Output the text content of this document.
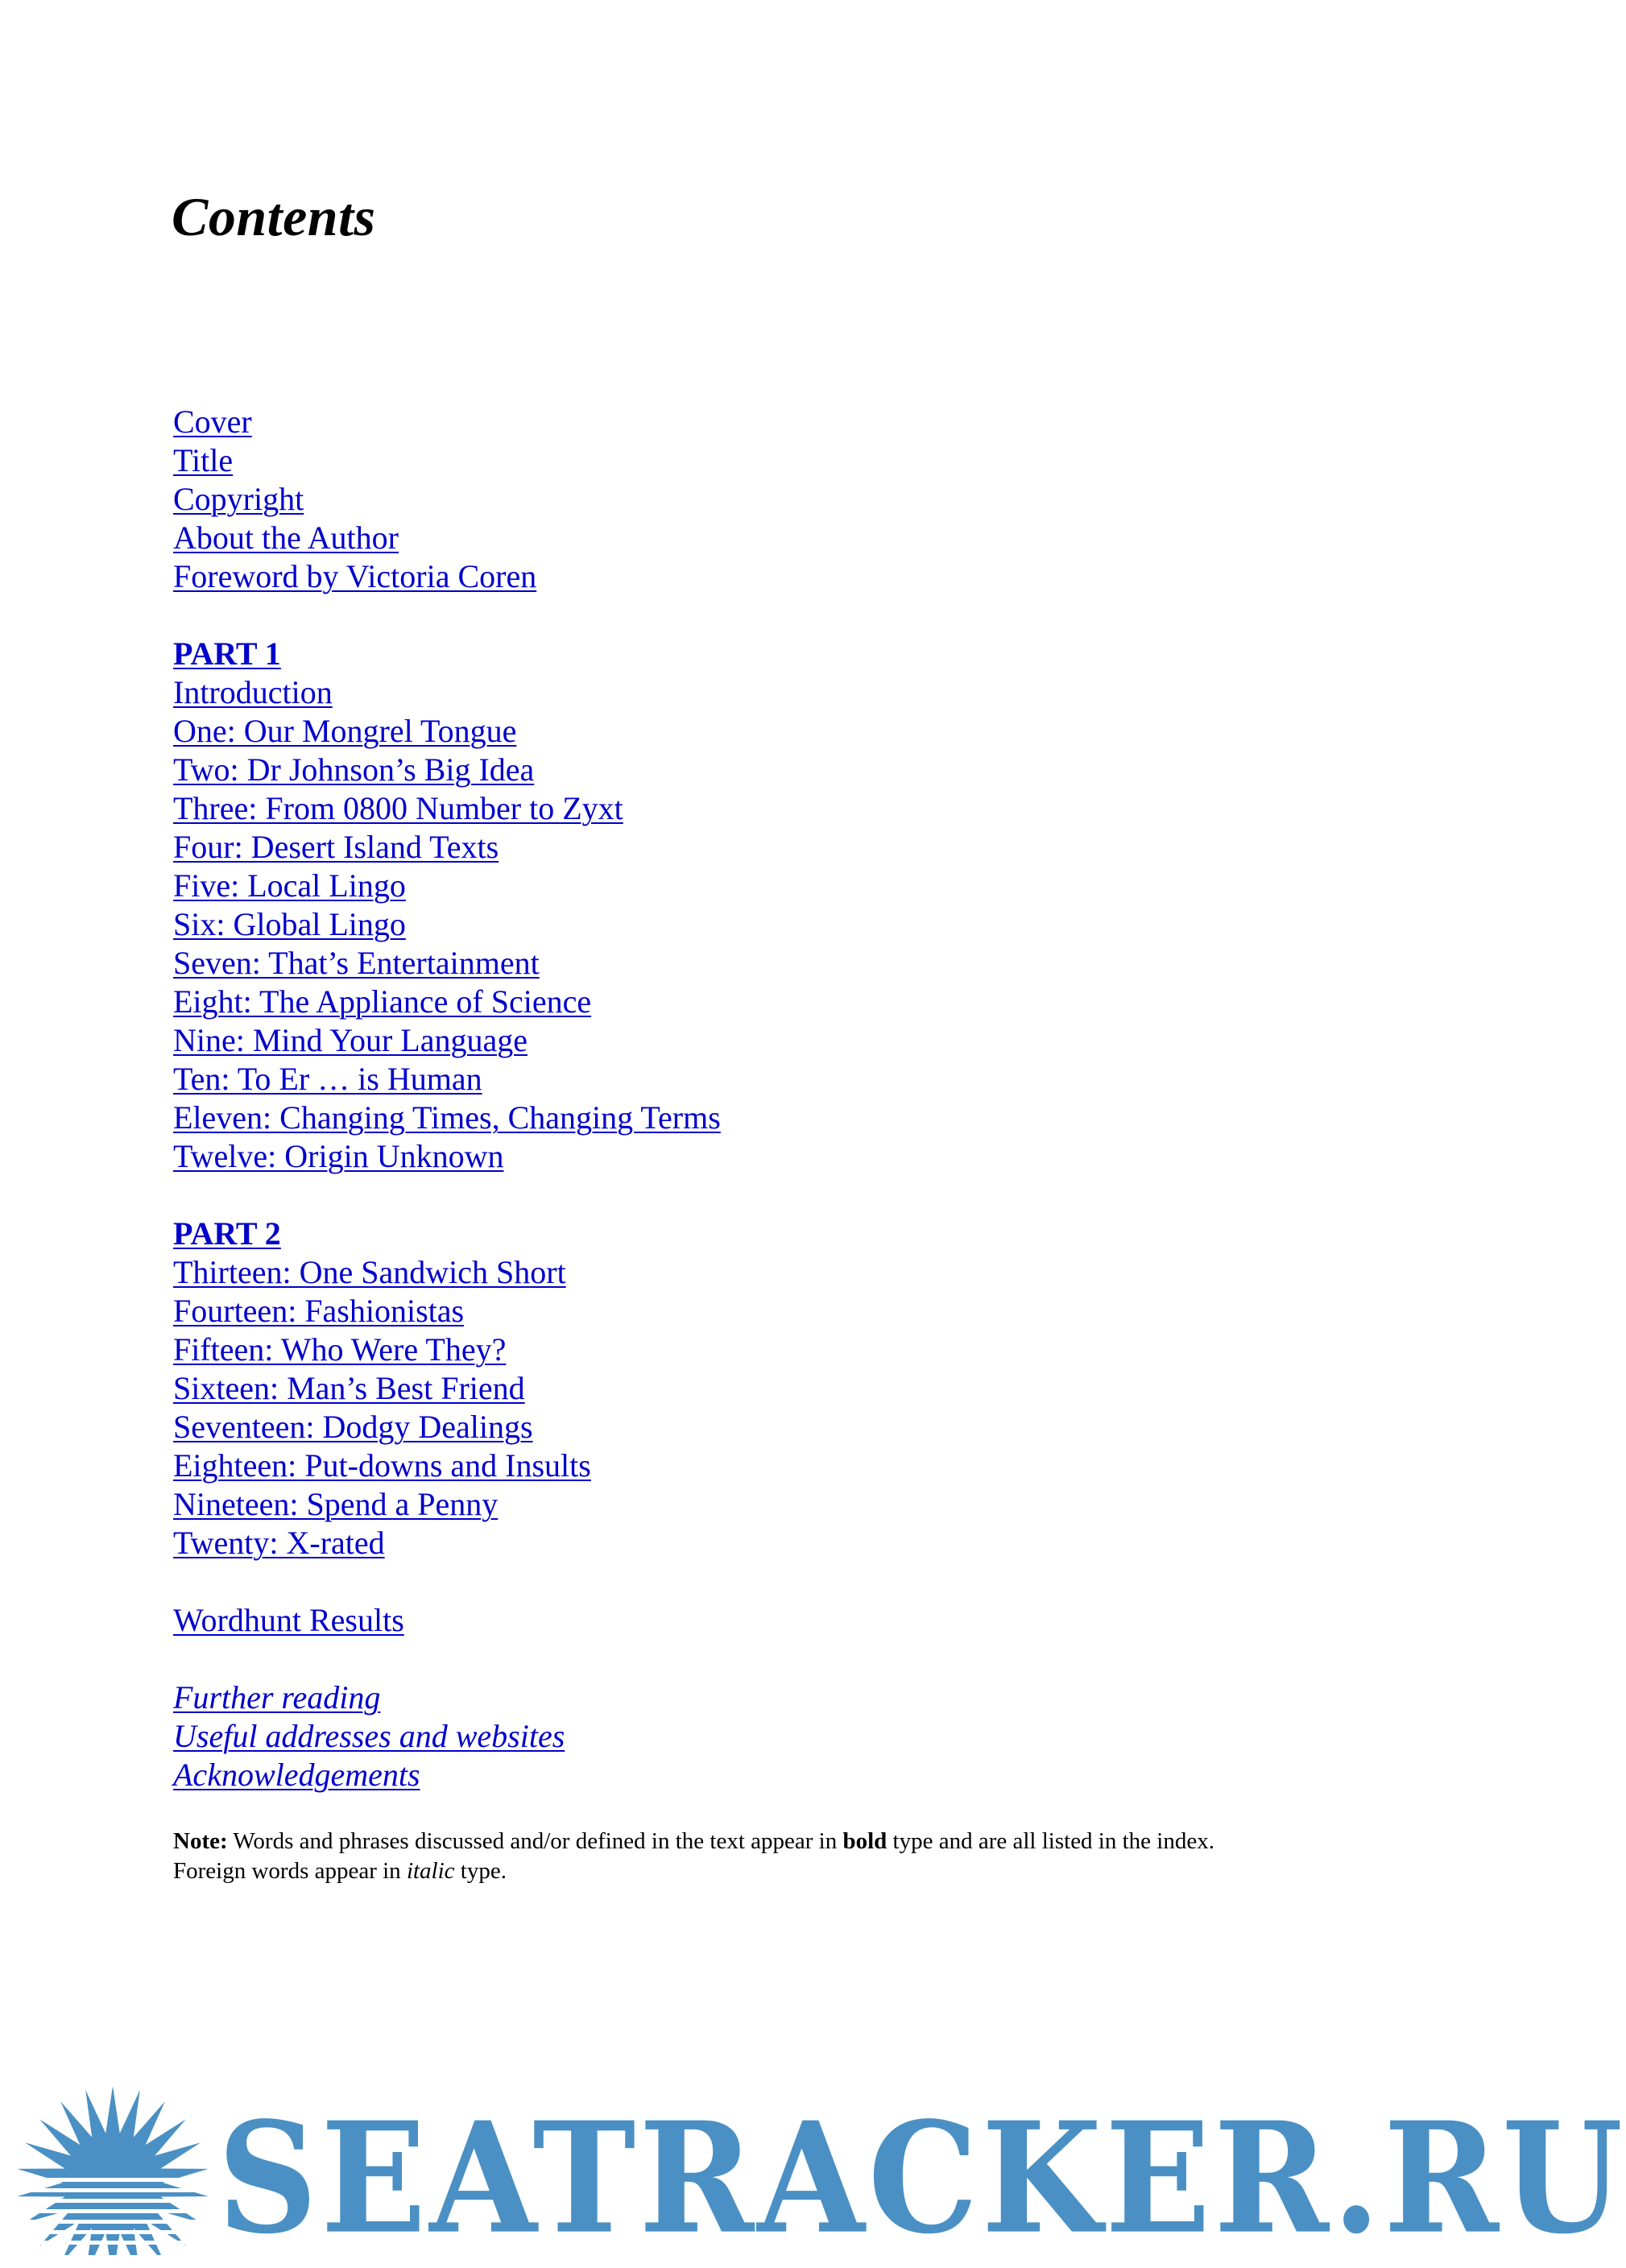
Contents
Cover
Title
Copyright
About the Author
Foreword by Victoria Coren
PART 1
Introduction
One: Our Mongrel Tongue
Two: Dr Johnson’s Big Idea
Three: From 0800 Number to Zyxt
Four: Desert Island Texts
Five: Local Lingo
Six: Global Lingo
Seven: That’s Entertainment
Eight: The Appliance of Science
Nine: Mind Your Language
Ten: To Er … is Human
Eleven: Changing Times, Changing Terms
Twelve: Origin Unknown
PART 2
Thirteen: One Sandwich Short
Fourteen: Fashionistas
Fifteen: Who Were They?
Sixteen: Man’s Best Friend
Seventeen: Dodgy Dealings
Eighteen: Put-downs and Insults
Nineteen: Spend a Penny
Twenty: X-rated
Wordhunt Results
Further reading
Useful addresses and websites
Acknowledgements

Note: Words and phrases discussed and/or defined in the text appear in bold type and are all listed in the index. Foreign words appear in italic type.

SEATRACKER.RU
